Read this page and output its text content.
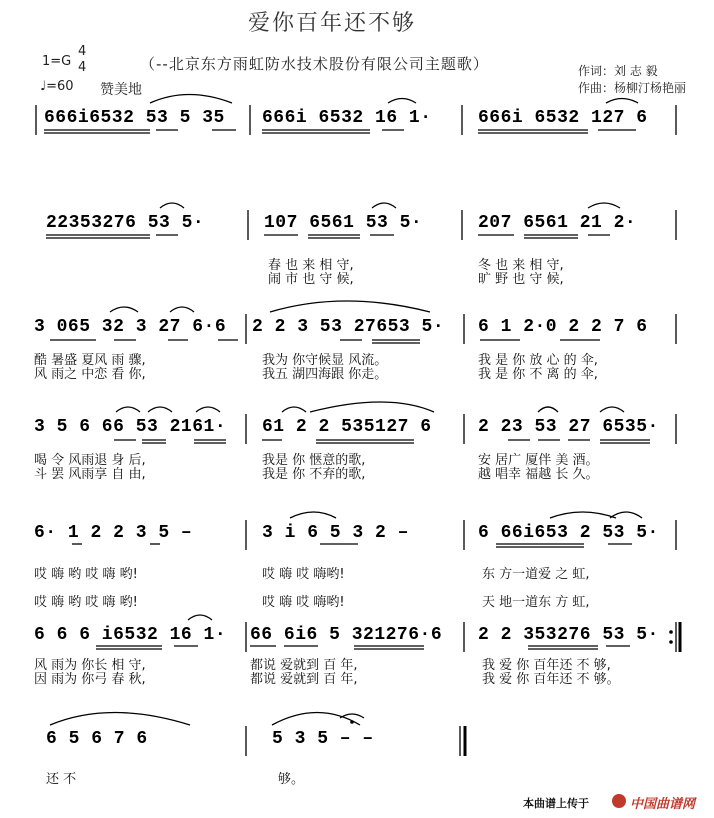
爱你百年还不够
1=G
4
4
♩=60 赞美地
（--北京东方雨虹防水技术股份有限公司主题歌）	作词：刘 志 毅
作曲：杨柳汀杨艳丽
666i6532 53 5 35 666i 6532 16 1·	666i 6532 127 6
22353276 53 5·	107 6561 53 5·	207 6561 21 2·
春 也 来 相 守,	冬 也 来 相 守,
闹 市 也 守 候,	旷 野 也 守 候,
3 065 32 3 27 6·6 2 2 3 53 27653 5· 6 1 2·0 2 2 7 6
酷 暑盛 夏风 雨 骤,	我为 你守候显 风流。	我 是 你 放 心 的 伞,
风 雨之 中恋 看 你,	我五 湖四海跟 你走。	我 是 你 不 离 的 伞,
3 5 6 66 53 2161· 61 2 2 535127 6	2 23 53 27 6535·
喝 令 风雨退 身 后,	我是 你 惬意的歌,	安 居广 厦伴 美 酒。
斗 罢 风雨享 自 由,	我是 你 不弃的歌,	越 唱幸 福越 长 久。
6· 1 2 2 3 5 –	3 i 6 5 3 2 –	6 66i653 2 53 5·
哎 嗨 哟 哎 嗨 哟!	哎 嗨 哎 嗨哟!	东 方一道爱 之 虹,
哎 嗨 哟 哎 嗨 哟!	哎 嗨 哎 嗨哟!	天 地一道东 方 虹,
6 6 6 i6532 16 1· 66 6i6 5 321276·6 2 2 353276 53 5·
风 雨为 你长 相 守,	都说 爱就到 百 年,	我 爱 你 百年还 不 够,
因 雨为 你弓 春 秋,	都说 爱就到 百 年,	我 爱 你 百年还 不 够。
6 5 6 7 6	5 3 5 – –
还 不	够。
本曲谱上传于	中国曲谱网
